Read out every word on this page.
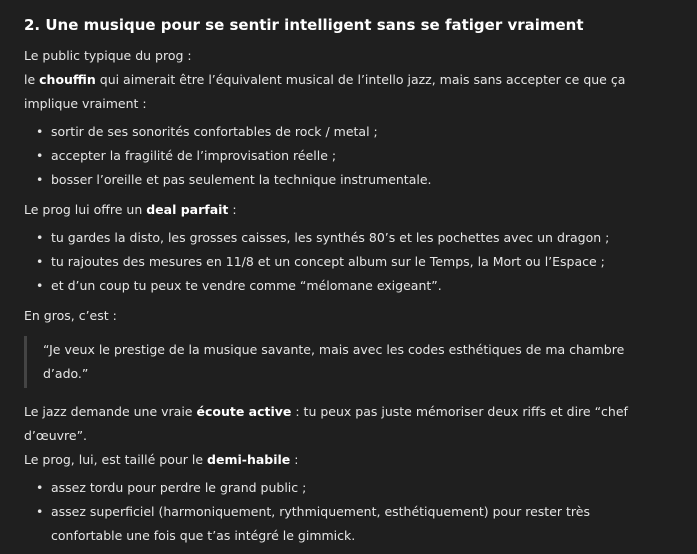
2. Une musique pour se sentir intelligent sans se fatiger vraiment

Le public typique du prog :

le chouffin qui aimerait être l’équivalent musical de l’intello jazz, mais sans accepter ce que ça implique vraiment :

• sortir de ses sonorités confortables de rock / metal ;
• accepter la fragilité de l’improvisation réelle ;
• bosser l’oreille et pas seulement la technique instrumentale.

Le prog lui offre un deal parfait :

• tu gardes la disto, les grosses caisses, les synthés 80’s et les pochettes avec un dragon ;
• tu rajoutes des mesures en 11/8 et un concept album sur le Temps, la Mort ou l’Espace ;
• et d’un coup tu peux te vendre comme “mélomane exigeant”.

En gros, c’est :

“Je veux le prestige de la musique savante, mais avec les codes esthétiques de ma chambre d’ado.”

Le jazz demande une vraie écoute active : tu peux pas juste mémoriser deux riffs et dire “chef d’œuvre”.

Le prog, lui, est taillé pour le demi-habile :

• assez tordu pour perdre le grand public ;
• assez superficiel (harmoniquement, rythmiquement, esthétiquement) pour rester très confortable une fois que t’as intégré le gimmick.
